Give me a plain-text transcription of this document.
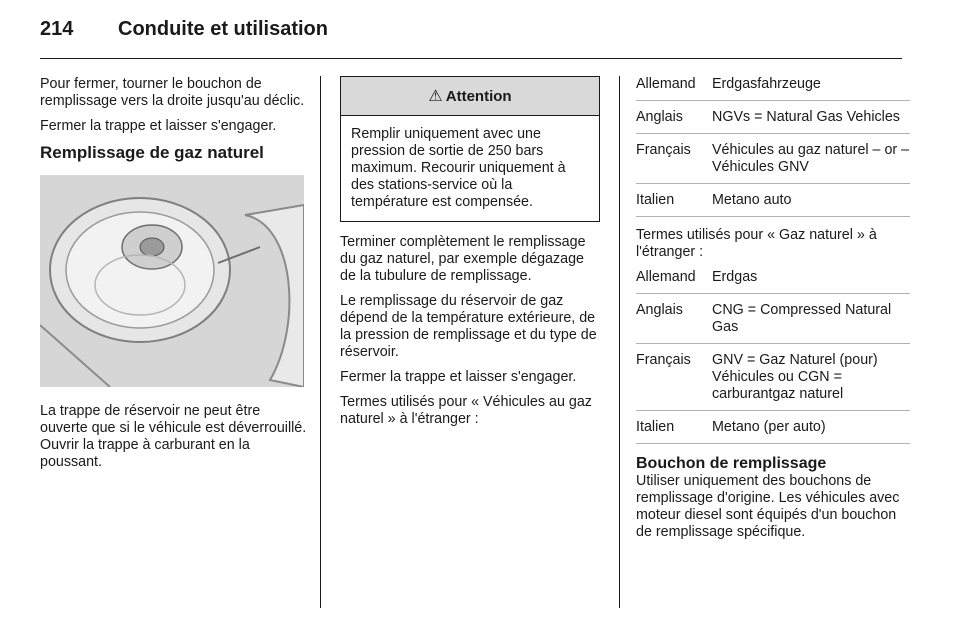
214 Conduite et utilisation

Pour fermer, tourner le bouchon de remplissage vers la droite jusqu'au déclic.

Fermer la trappe et laisser s'engager.

Remplissage de gaz naturel

La trappe de réservoir ne peut être ouverte que si le véhicule est déverrouillé. Ouvrir la trappe à carburant en la poussant.

⚠ Attention
Remplir uniquement avec une pression de sortie de 250 bars maximum. Recourir uniquement à des stations-service où la température est compensée.

Terminer complètement le remplissage du gaz naturel, par exemple dégazage de la tubulure de remplissage.

Le remplissage du réservoir de gaz dépend de la température extérieure, de la pression de remplissage et du type de réservoir.

Fermer la trappe et laisser s'engager.

Termes utilisés pour « Véhicules au gaz naturel » à l'étranger :

Allemand	Erdgasfahrzeuge
Anglais	NGVs = Natural Gas Vehicles
Français	Véhicules au gaz naturel – or – Véhicules GNV
Italien	Metano auto

Termes utilisés pour « Gaz naturel » à l'étranger :

Allemand	Erdgas
Anglais	CNG = Compressed Natural Gas
Français	GNV = Gaz Naturel (pour) Véhicules ou CGN = carburantgaz naturel
Italien	Metano (per auto)
Bouchon de remplissage

Utiliser uniquement des bouchons de remplissage d'origine. Les véhicules avec moteur diesel sont équipés d'un bouchon de remplissage spécifique.
